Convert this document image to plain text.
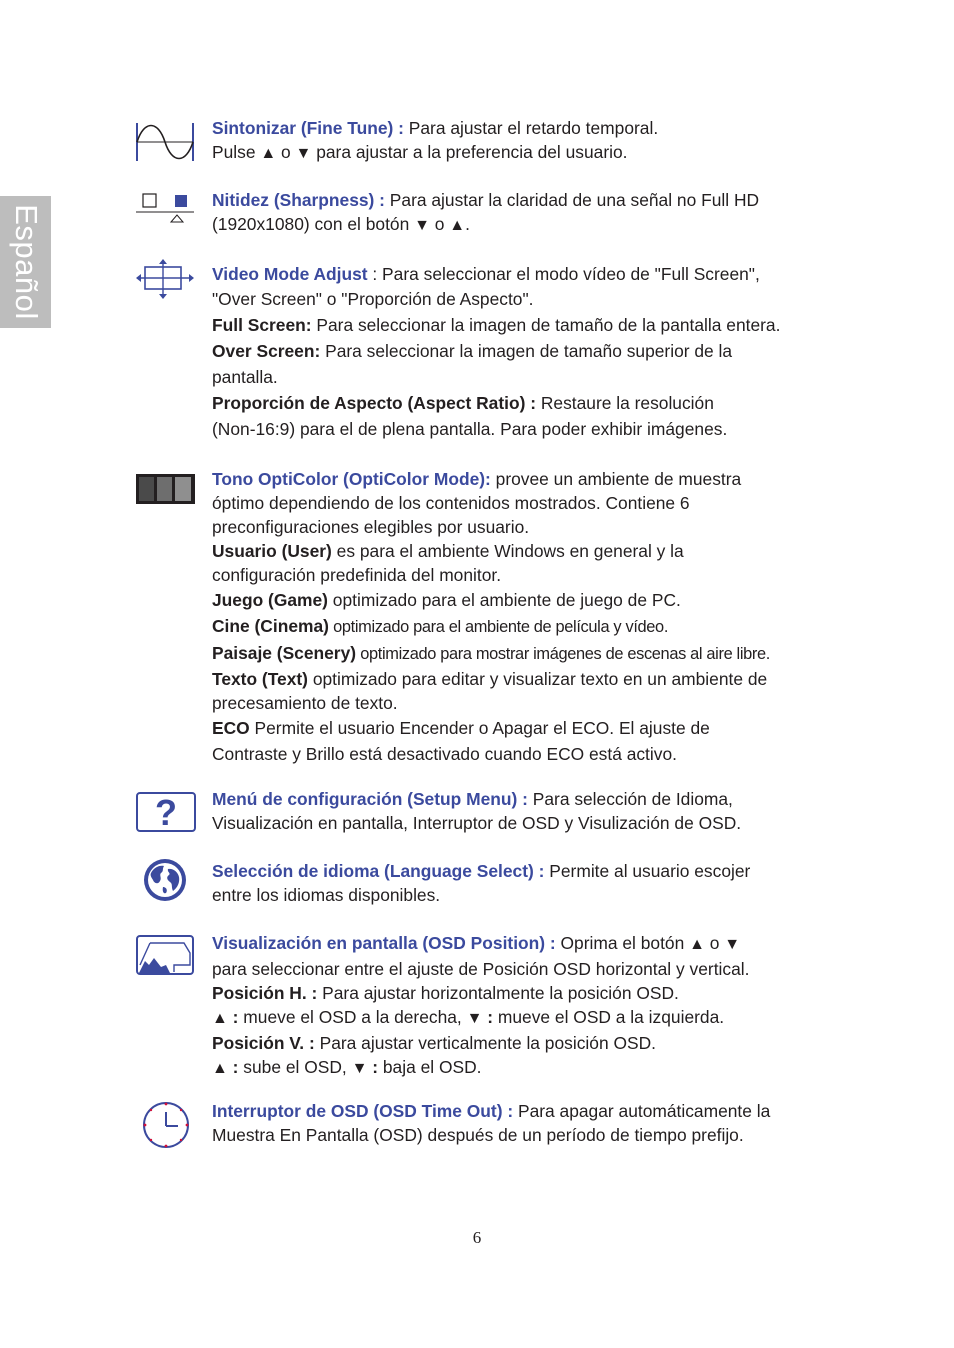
Español

Sintonizar (Fine Tune) : Para ajustar el retardo temporal.

Pulse ▲ o ▼ para ajustar a la preferencia del usuario.

Nitidez (Sharpness) : Para ajustar la claridad de una señal no Full HD

(1920x1080) con el botón ▼ o ▲.

Video Mode Adjust : Para seleccionar el modo vídeo de "Full Screen",

"Over Screen" o "Proporción de Aspecto".

Full Screen: Para seleccionar la imagen de tamaño de la pantalla entera.

Over Screen: Para seleccionar la imagen de tamaño superior de la

pantalla.

Proporción de Aspecto (Aspect Ratio) : Restaure la resolución

(Non-16:9) para el de plena pantalla. Para poder exhibir imágenes.

Tono OptiColor (OptiColor Mode): provee un ambiente de muestra

óptimo dependiendo de los contenidos mostrados. Contiene 6

preconfiguraciones elegibles por usuario.

Usuario (User) es para el ambiente Windows en general y la

configuración predefinida del monitor.

Juego (Game) optimizado para el ambiente de juego de PC.

Cine (Cinema) optimizado para el ambiente de película y vídeo.

Paisaje (Scenery) optimizado para mostrar imágenes de escenas al aire libre.

Texto (Text) optimizado para editar y visualizar texto en un ambiente de

precesamiento de texto.

ECO Permite el usuario Encender o Apagar el ECO. El ajuste de

Contraste y Brillo está desactivado cuando ECO está activo.

? Menú de configuración (Setup Menu) : Para selección de Idioma,

Visualización en pantalla, Interruptor de OSD y Visulización de OSD.

Selección de idioma (Language Select) : Permite al usuario escojer

entre los idiomas disponibles.

Visualización en pantalla (OSD Position) : Oprima el botón ▲ o ▼

para seleccionar entre el ajuste de Posición OSD horizontal y vertical.

Posición H. : Para ajustar horizontalmente la posición OSD.

▲ : mueve el OSD a la derecha, ▼ : mueve el OSD a la izquierda.

Posición V. : Para ajustar verticalmente la posición OSD.

▲ : sube el OSD, ▼ : baja el OSD.

Interruptor de OSD (OSD Time Out) : Para apagar automáticamente la

Muestra En Pantalla (OSD) después de un período de tiempo prefijo.

6
